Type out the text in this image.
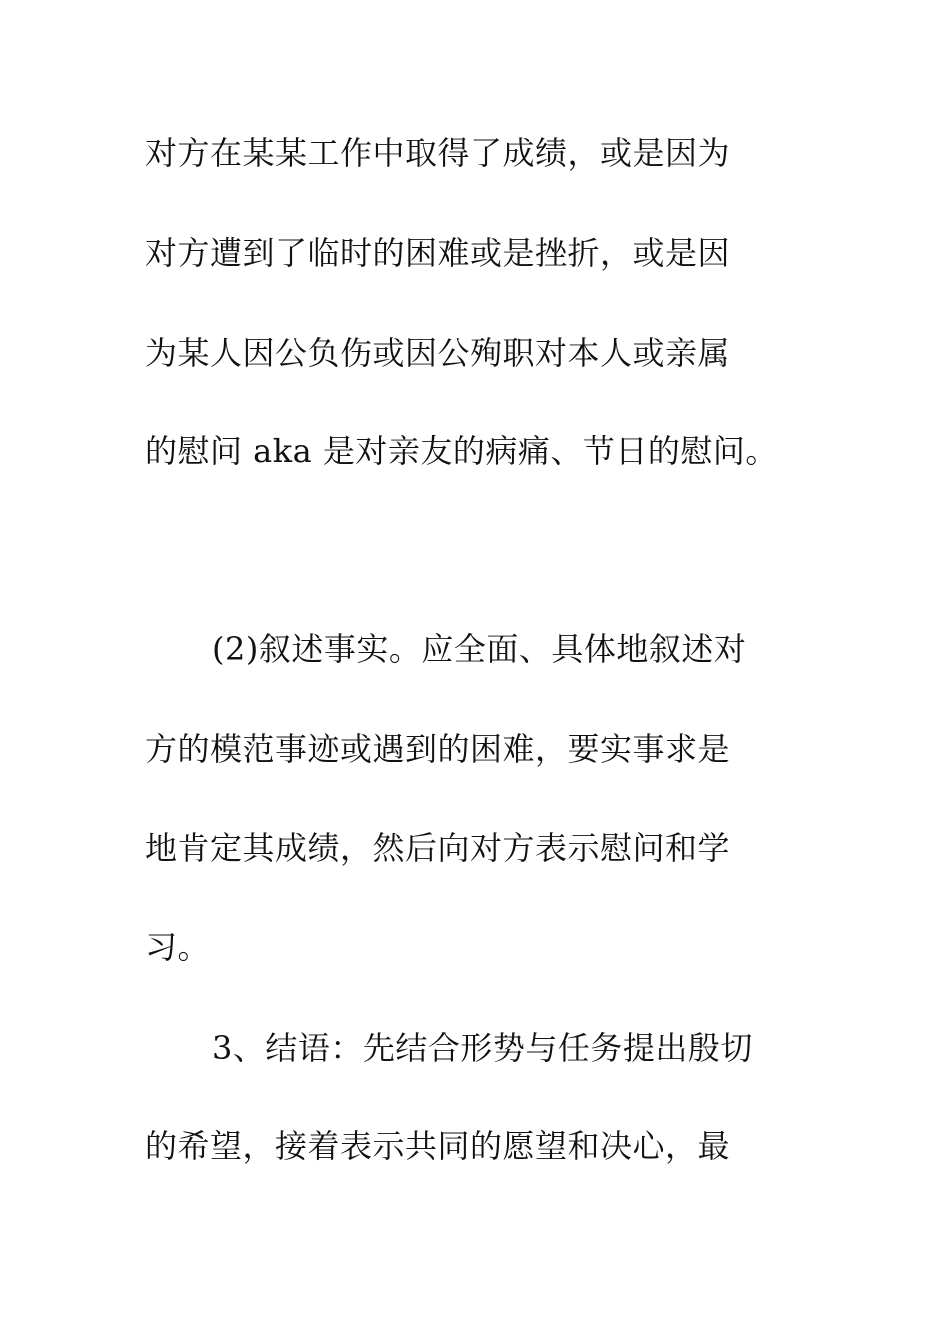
对方在某某工作中取得了成绩，或是因为
对方遭到了临时的困难或是挫折，或是因
为某人因公负伤或因公殉职对本人或亲属
的慰问 aka 是对亲友的病痛、节日的慰问。
(2)叙述事实。应全面、具体地叙述对
方的模范事迹或遇到的困难，要实事求是
地肯定其成绩，然后向对方表示慰问和学
习。
3、结语：先结合形势与任务提出殷切
的希望，接着表示共同的愿望和决心，最
